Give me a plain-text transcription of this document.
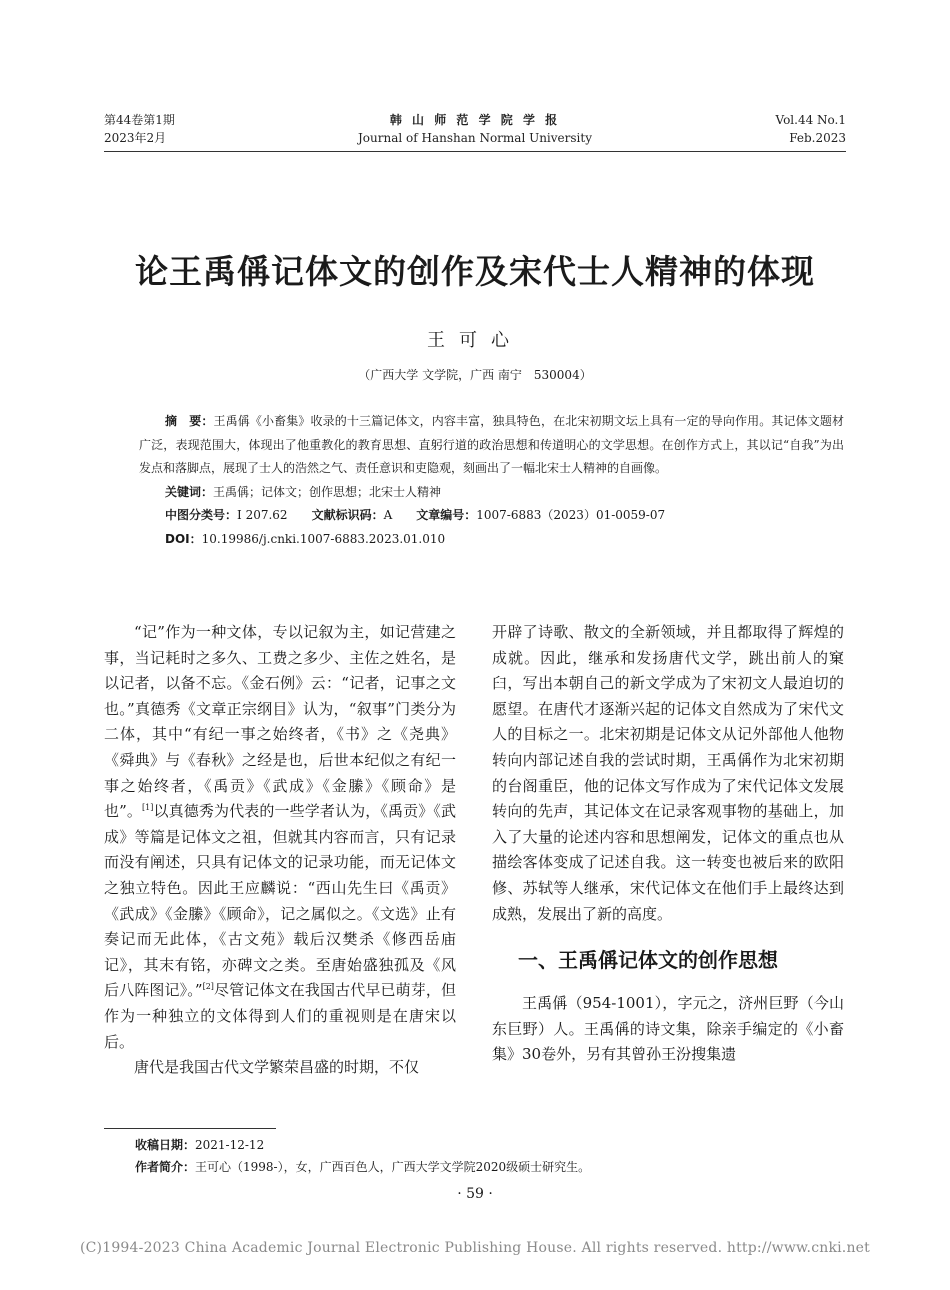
第44卷第1期
2023年2月
韩 山 师 范 学 院 学 报
Journal of Hanshan Normal University
Vol.44 No.1
Feb.2023
论王禹偁记体文的创作及宋代士人精神的体现
王可心
（广西大学 文学院，广西 南宁　530004）

摘　要：王禹偁《小畜集》收录的十三篇记体文，内容丰富，独具特色，在北宋初期文坛上具有一定的导向作用。其记体文题材广泛，表现范围大，体现出了他重教化的教育思想、直躬行道的政治思想和传道明心的文学思想。在创作方式上，其以记“自我”为出发点和落脚点，展现了士人的浩然之气、责任意识和吏隐观，刻画出了一幅北宋士人精神的自画像。

关键词：王禹偁；记体文；创作思想；北宋士人精神

中图分类号：I 207.62 文献标识码：A 文章编号：1007-6883（2023）01-0059-07

DOI：10.19986/j.cnki.1007-6883.2023.01.010

“记”作为一种文体，专以记叙为主，如记营建之事，当记耗时之多久、工费之多少、主佐之姓名，是以记者，以备不忘。《金石例》云：“记者，记事之文也。”真德秀《文章正宗纲目》认为，“叙事”门类分为二体，其中“有纪一事之始终者，《书》之《尧典》《舜典》与《春秋》之经是也，后世本纪似之有纪一事之始终者，《禹贡》《武成》《金縢》《顾命》是也”。[1]以真德秀为代表的一些学者认为，《禹贡》《武成》等篇是记体文之祖，但就其内容而言，只有记录而没有阐述，只具有记体文的记录功能，而无记体文之独立特色。因此王应麟说：“西山先生曰《禹贡》《武成》《金縢》《顾命》，记之属似之。《文选》止有奏记而无此体，《古文苑》载后汉樊杀《修西岳庙记》，其末有铭，亦碑文之类。至唐始盛独孤及《风后八阵图记》。”[2]尽管记体文在我国古代早已萌芽，但作为一种独立的文体得到人们的重视则是在唐宋以后。

唐代是我国古代文学繁荣昌盛的时期，不仅

开辟了诗歌、散文的全新领域，并且都取得了辉煌的成就。因此，继承和发扬唐代文学，跳出前人的窠臼，写出本朝自己的新文学成为了宋初文人最迫切的愿望。在唐代才逐渐兴起的记体文自然成为了宋代文人的目标之一。北宋初期是记体文从记外部他人他物转向内部记述自我的尝试时期，王禹偁作为北宋初期的台阁重臣，他的记体文写作成为了宋代记体文发展转向的先声，其记体文在记录客观事物的基础上，加入了大量的论述内容和思想阐发，记体文的重点也从描绘客体变成了记述自我。这一转变也被后来的欧阳修、苏轼等人继承，宋代记体文在他们手上最终达到成熟，发展出了新的高度。

一、王禹偁记体文的创作思想

王禹偁（954-1001），字元之，济州巨野（今山东巨野）人。王禹偁的诗文集，除亲手编定的《小畜集》30卷外，另有其曾孙王汾搜集遗

收稿日期：2021-12-12
作者简介：王可心（1998-），女，广西百色人，广西大学文学院2020级硕士研究生。
· 59 ·
(C)1994-2023 China Academic Journal Electronic Publishing House. All rights reserved. http://www.cnki.net
